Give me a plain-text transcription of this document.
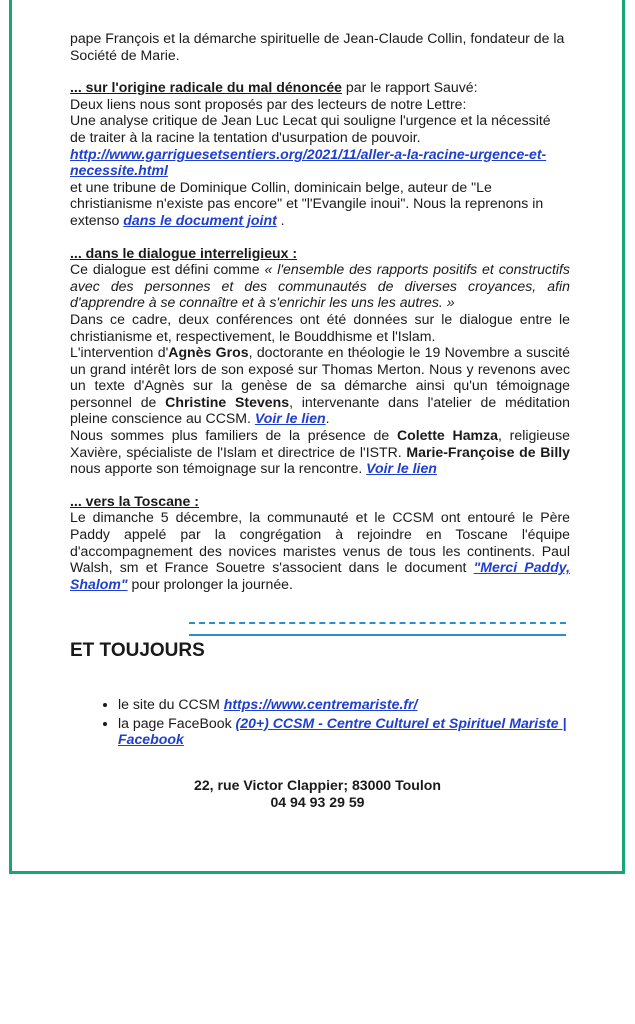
pape François et la démarche spirituelle de Jean-Claude Collin, fondateur de la Société de Marie.

... sur l'origine radicale du mal dénoncée par le rapport Sauvé:

Deux liens nous sont proposés par des lecteurs de notre Lettre:

Une analyse critique de Jean Luc Lecat qui souligne l'urgence et la nécessité de traiter à la racine la tentation d'usurpation de pouvoir.

http://www.garriguesetsentiers.org/2021/11/aller-a-la-racine-urgence-et-necessite.html

et une tribune de Dominique Collin, dominicain belge, auteur de "Le christianisme n'existe pas encore" et "l'Evangile inoui". Nous la reprenons in extenso dans le document joint .

... dans le dialogue interreligieux :

Ce dialogue est défini comme « l'ensemble des rapports positifs et constructifs avec des personnes et des communautés de diverses croyances, afin d'apprendre à se connaître et à s'enrichir les uns les autres. »

Dans ce cadre, deux conférences ont été données sur le dialogue entre le christianisme et, respectivement, le Bouddhisme et l'Islam.

L'intervention d'Agnès Gros, doctorante en théologie le 19 Novembre a suscité un grand intérêt lors de son exposé sur Thomas Merton. Nous y revenons avec un texte d'Agnès sur la genèse de sa démarche ainsi qu'un témoignage personnel de Christine Stevens, intervenante dans l'atelier de méditation pleine conscience au CCSM. Voir le lien.

Nous sommes plus familiers de la présence de Colette Hamza, religieuse Xavière, spécialiste de l'Islam et directrice de l'ISTR. Marie-Françoise de Billy nous apporte son témoignage sur la rencontre. Voir le lien

... vers la Toscane :

Le dimanche 5 décembre, la communauté et le CCSM ont entouré le Père Paddy appelé par la congrégation à rejoindre en Toscane l'équipe d'accompagnement des novices maristes venus de tous les continents. Paul Walsh, sm et France Souetre s'associent dans le document "Merci Paddy, Shalom" pour prolonger la journée.

ET TOUJOURS
• le site du CCSM https://www.centremariste.fr/
• la page FaceBook (20+) CCSM - Centre Culturel et Spirituel Mariste | Facebook
22, rue Victor Clappier; 83000 Toulon
04 94 93 29 59
